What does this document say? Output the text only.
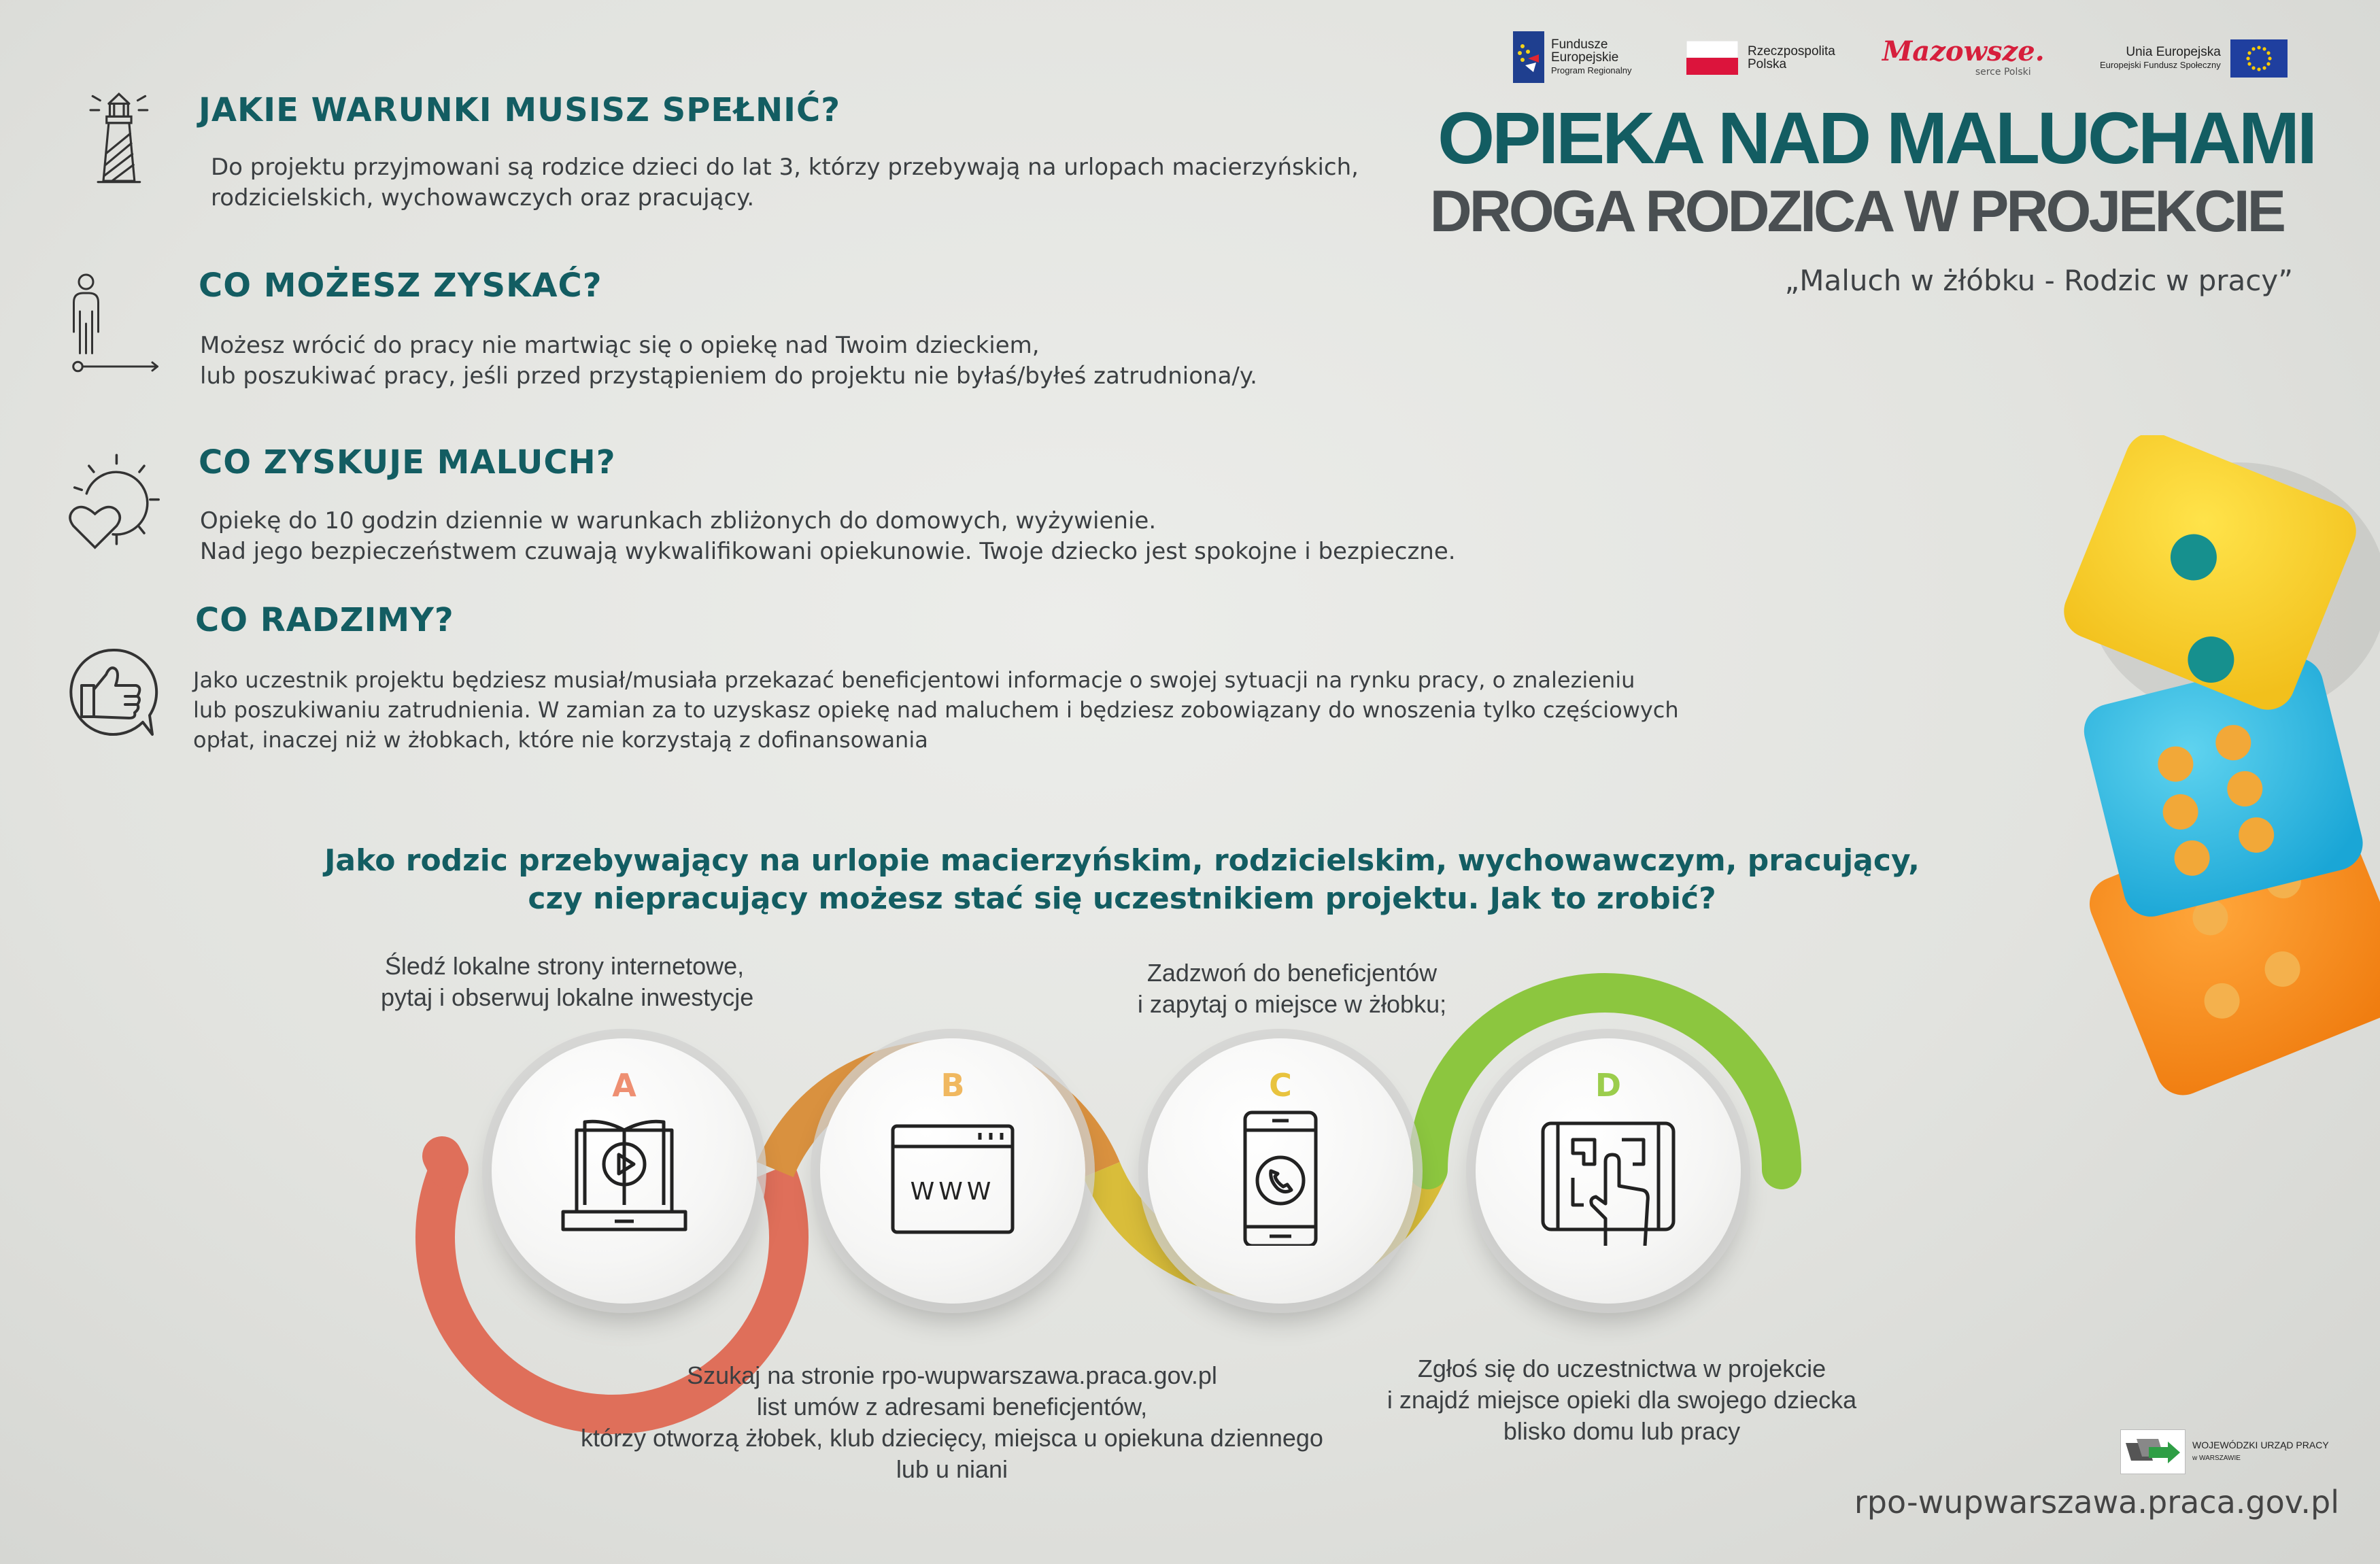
Fundusze
Europejskie
Program Regionalny
Rzeczpospolita
Polska	Mazowsze.
serce Polski
Unia Europejska
Europejski Fundusz Społeczny
OPIEKA NAD MALUCHAMI
DROGA RODZICA W PROJEKCIE
„Maluch w żłóbku - Rodzic w pracy”
JAKIE WARUNKI MUSISZ SPEŁNIĆ?
Do projektu przyjmowani są rodzice dzieci do lat 3, którzy przebywają na urlopach macierzyńskich,
rodzicielskich, wychowawczych oraz pracujący.
CO MOŻESZ ZYSKAĆ?
Możesz wrócić do pracy nie martwiąc się o opiekę nad Twoim dzieckiem,
lub poszukiwać pracy, jeśli przed przystąpieniem do projektu nie byłaś/byłeś zatrudniona/y.
CO ZYSKUJE MALUCH?
Opiekę do 10 godzin dziennie w warunkach zbliżonych do domowych, wyżywienie.
Nad jego bezpieczeństwem czuwają wykwalifikowani opiekunowie. Twoje dziecko jest spokojne i bezpieczne.
CO RADZIMY?
Jako uczestnik projektu będziesz musiał/musiała przekazać beneficjentowi informacje o swojej sytuacji na rynku pracy, o znalezieniu
lub poszukiwaniu zatrudnienia. W zamian za to uzyskasz opiekę nad maluchem i będziesz zobowiązany do wnoszenia tylko częściowych
opłat, inaczej niż w żłobkach, które nie korzystają z dofinansowania
Jako rodzic przebywający na urlopie macierzyńskim, rodzicielskim, wychowawczym, pracujący,
czy niepracujący możesz stać się uczestnikiem projektu. Jak to zrobić?
A	B
WWW
C	D
Śledź lokalne strony internetowe,
pytaj i obserwuj lokalne inwestycje
Szukaj na stronie rpo-wupwarszawa.praca.gov.pl
list umów z adresami beneficjentów,
którzy otworzą żłobek, klub dziecięcy, miejsca u opiekuna dziennego
lub u niani
Zadzwoń do beneficjentów
i zapytaj o miejsce w żłobku;
Zgłoś się do uczestnictwa w projekcie
i znajdź miejsce opieki dla swojego dziecka
blisko domu lub pracy	WOJEWÓDZKI URZĄD PRACY
w WARSZAWIE
rpo-wupwarszawa.praca.gov.pl
